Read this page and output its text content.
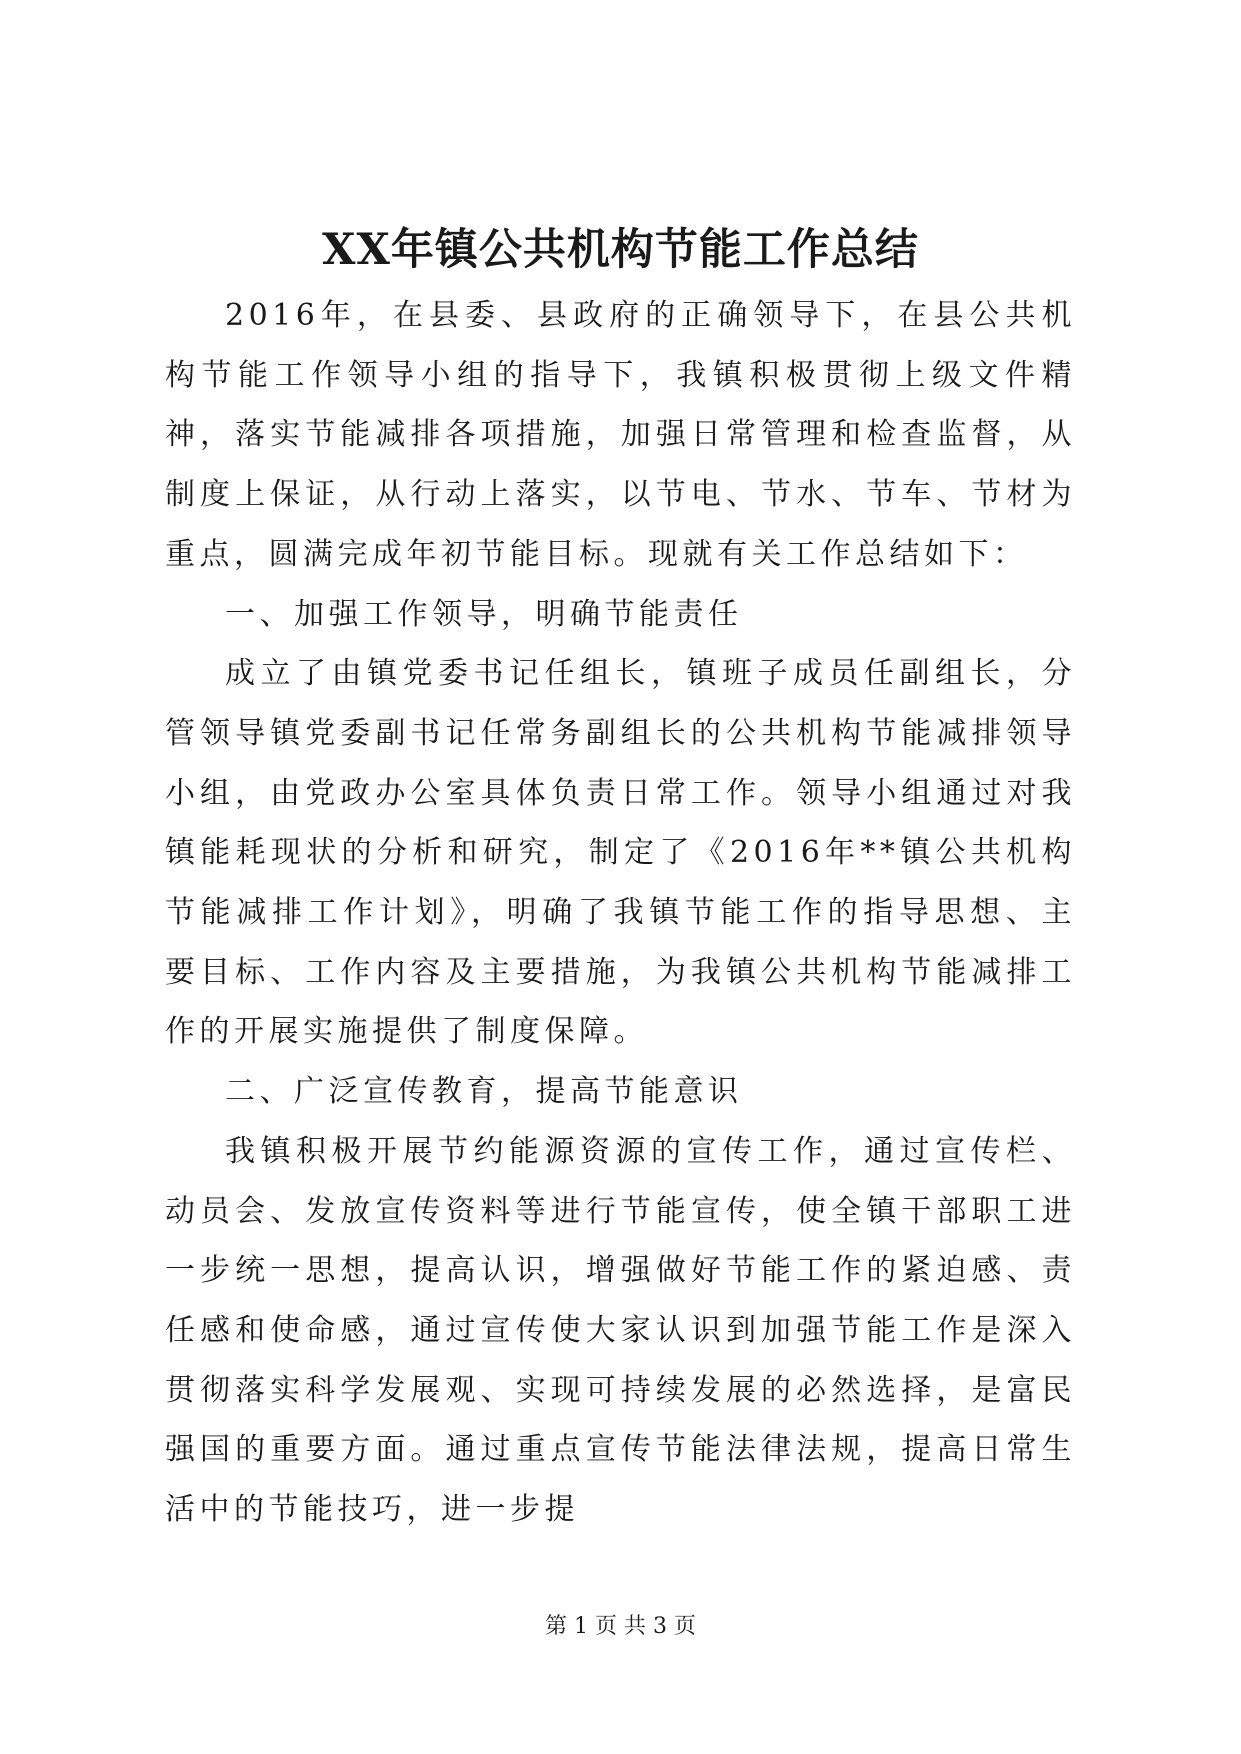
XX年镇公共机构节能工作总结

2016年，在县委、县政府的正确领导下，在县公共机构节能工作领导小组的指导下，我镇积极贯彻上级文件精神，落实节能减排各项措施，加强日常管理和检查监督，从制度上保证，从行动上落实，以节电、节水、节车、节材为重点，圆满完成年初节能目标。现就有关工作总结如下：

一、加强工作领导，明确节能责任

成立了由镇党委书记任组长，镇班子成员任副组长，分管领导镇党委副书记任常务副组长的公共机构节能减排领导小组，由党政办公室具体负责日常工作。领导小组通过对我镇能耗现状的分析和研究，制定了《2016年**镇公共机构节能减排工作计划》，明确了我镇节能工作的指导思想、主要目标、工作内容及主要措施，为我镇公共机构节能减排工作的开展实施提供了制度保障。

二、广泛宣传教育，提高节能意识

我镇积极开展节约能源资源的宣传工作，通过宣传栏、动员会、发放宣传资料等进行节能宣传，使全镇干部职工进一步统一思想，提高认识，增强做好节能工作的紧迫感、责任感和使命感，通过宣传使大家认识到加强节能工作是深入贯彻落实科学发展观、实现可持续发展的必然选择，是富民强国的重要方面。通过重点宣传节能法律法规，提高日常生活中的节能技巧，进一步提

第 1 页 共 3 页
